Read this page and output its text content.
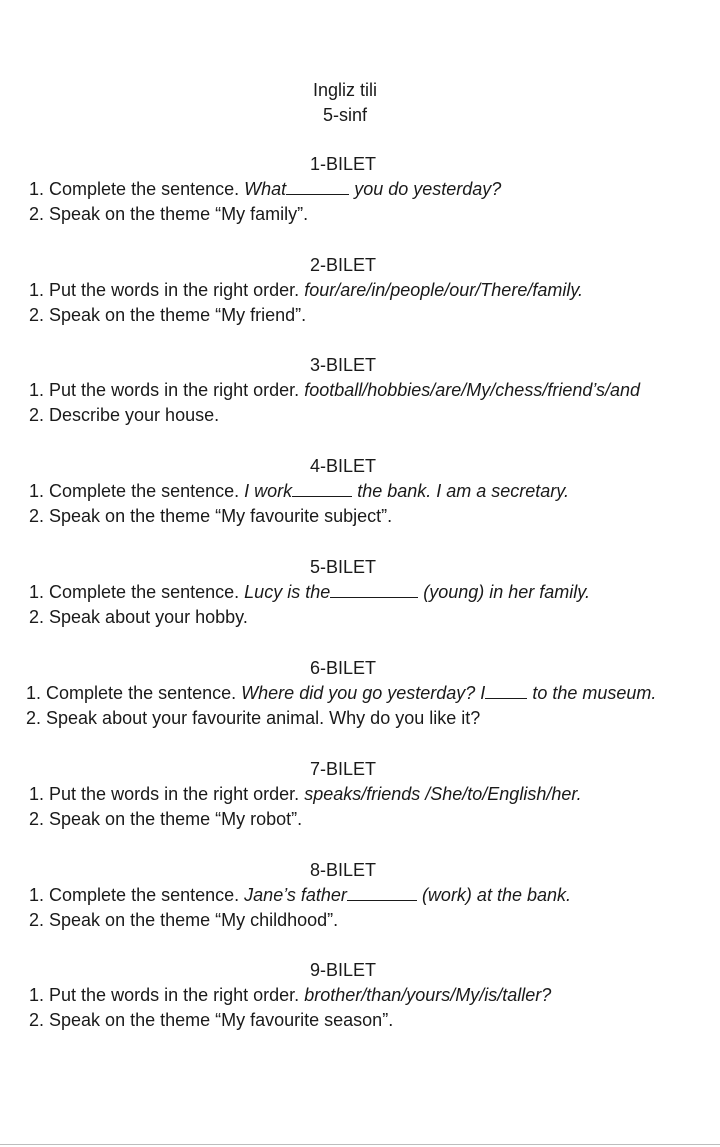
Ingliz tili
5-sinf
1-BILET
1. Complete the sentence. What	you do yesterday?
2. Speak on the theme “My family”.
2-BILET
1. Put the words in the right order. four/are/in/people/our/There/family.
2. Speak on the theme “My friend”.
3-BILET
1. Put the words in the right order. football/hobbies/are/My/chess/friend’s/and
2. Describe your house.
4-BILET
1. Complete the sentence. I work	the bank. I am a secretary.
2. Speak on the theme “My favourite subject”.
5-BILET
1. Complete the sentence. Lucy is the	(young) in her family.
2. Speak about your hobby.
6-BILET
1. Complete the sentence. Where did you go yesterday? I	to the museum.
2. Speak about your favourite animal. Why do you like it?
7-BILET
1. Put the words in the right order. speaks/friends /She/to/English/her.
2. Speak on the theme “My robot”.
8-BILET
1. Complete the sentence. Jane’s father	(work) at the bank.
2. Speak on the theme “My childhood”.
9-BILET
1. Put the words in the right order. brother/than/yours/My/is/taller?
2. Speak on the theme “My favourite season”.
